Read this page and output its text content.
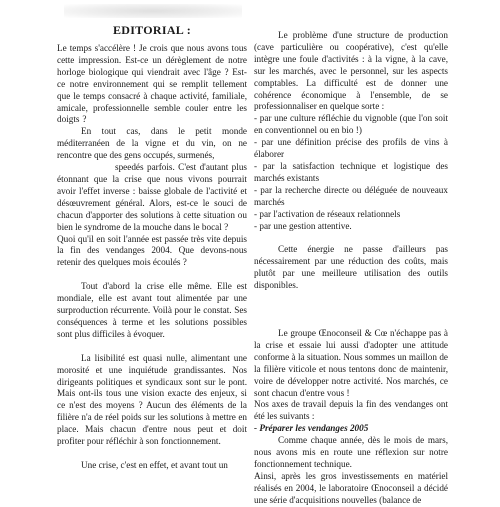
EDITORIAL :

Le temps s'accélère ! Je crois que nous avons tous cette impression. Est-ce un dérèglement de notre horloge biologique qui viendrait avec l'âge ? Est-ce notre environnement qui se remplit tellement que le temps consacré à chaque activité, familiale, amicale, professionnelle semble couler entre les doigts ?

En tout cas, dans le petit monde méditerranéen de la vigne et du vin, on ne rencontre que des gens occupés, surmenés,

speedés parfois. C'est d'autant plus étonnant que la crise que nous vivons pourrait avoir l'effet inverse : baisse globale de l'activité et désœuvrement général. Alors, est-ce le souci de chacun d'apporter des solutions à cette situation ou bien le syndrome de la mouche dans le bocal ?

Quoi qu'il en soit l'année est passée très vite depuis la fin des vendanges 2004. Que devons-nous retenir des quelques mois écoulés ?

Tout d'abord la crise elle même. Elle est mondiale, elle est avant tout alimentée par une surproduction récurrente. Voilà pour le constat. Ses conséquences à terme et les solutions possibles sont plus difficiles à évoquer.

La lisibilité est quasi nulle, alimentant une morosité et une inquiétude grandissantes. Nos dirigeants politiques et syndicaux sont sur le pont. Mais ont-ils tous une vision exacte des enjeux, si ce n'est des moyens ? Aucun des éléments de la filière n'a de réel poids sur les solutions à mettre en place. Mais chacun d'entre nous peut et doit profiter pour réfléchir à son fonctionnement.

Une crise, c'est en effet, et avant tout un

Le problème d'une structure de production (cave particulière ou coopérative), c'est qu'elle intègre une foule d'activités : à la vigne, à la cave, sur les marchés, avec le personnel, sur les aspects comptables. La difficulté est de donner une cohérence économique à l'ensemble, de se professionnaliser en quelque sorte :

- par une culture réfléchie du vignoble (que l'on soit en conventionnel ou en bio !)

- par une définition précise des profils de vins à élaborer

- par la satisfaction technique et logistique des marchés existants

- par la recherche directe ou déléguée de nouveaux marchés

- par l'activation de réseaux relationnels

- par une gestion attentive.

Cette énergie ne passe d'ailleurs pas nécessairement par une réduction des coûts, mais plutôt par une meilleure utilisation des outils disponibles.

Le groupe Œnoconseil & Cœ n'échappe pas à la crise et essaie lui aussi d'adopter une attitude conforme à la situation. Nous sommes un maillon de la filière viticole et nous tentons donc de maintenir, voire de développer notre activité. Nos marchés, ce sont chacun d'entre vous !

Nos axes de travail depuis la fin des vendanges ont été les suivants :

- Préparer les vendanges 2005

Comme chaque année, dès le mois de mars, nous avons mis en route une réflexion sur notre fonctionnement technique.

Ainsi, après les gros investissements en matériel réalisés en 2004, le laboratoire Œnoconseil a décidé une série d'acquisitions nouvelles (balance de
